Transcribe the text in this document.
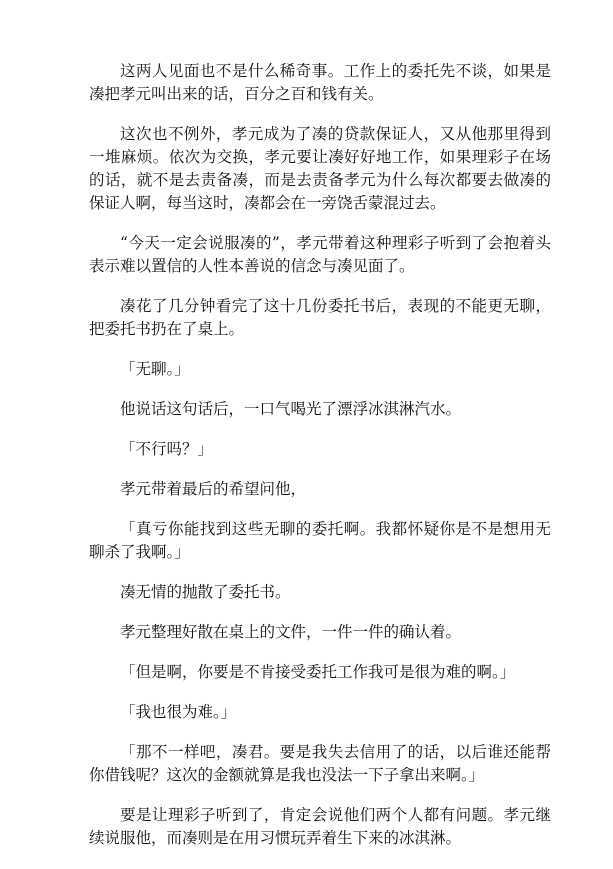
这两人见面也不是什么稀奇事。工作上的委托先不谈，如果是凑把孝元叫出来的话，百分之百和钱有关。

这次也不例外，孝元成为了凑的贷款保证人，又从他那里得到一堆麻烦。依次为交换，孝元要让凑好好地工作，如果理彩子在场的话，就不是去责备凑，而是去责备孝元为什么每次都要去做凑的保证人啊，每当这时，凑都会在一旁饶舌蒙混过去。

“今天一定会说服凑的”，孝元带着这种理彩子听到了会抱着头表示难以置信的人性本善说的信念与凑见面了。

凑花了几分钟看完了这十几份委托书后，表现的不能更无聊，把委托书扔在了桌上。

「无聊。」

他说话这句话后，一口气喝光了漂浮冰淇淋汽水。

「不行吗？」

孝元带着最后的希望问他，

「真亏你能找到这些无聊的委托啊。我都怀疑你是不是想用无聊杀了我啊。」

凑无情的抛散了委托书。

孝元整理好散在桌上的文件，一件一件的确认着。

「但是啊，你要是不肯接受委托工作我可是很为难的啊。」

「我也很为难。」

「那不一样吧，凑君。要是我失去信用了的话，以后谁还能帮你借钱呢？这次的金额就算是我也没法一下子拿出来啊。」

要是让理彩子听到了，肯定会说他们两个人都有问题。孝元继续说服他，而凑则是在用习惯玩弄着生下来的冰淇淋。
